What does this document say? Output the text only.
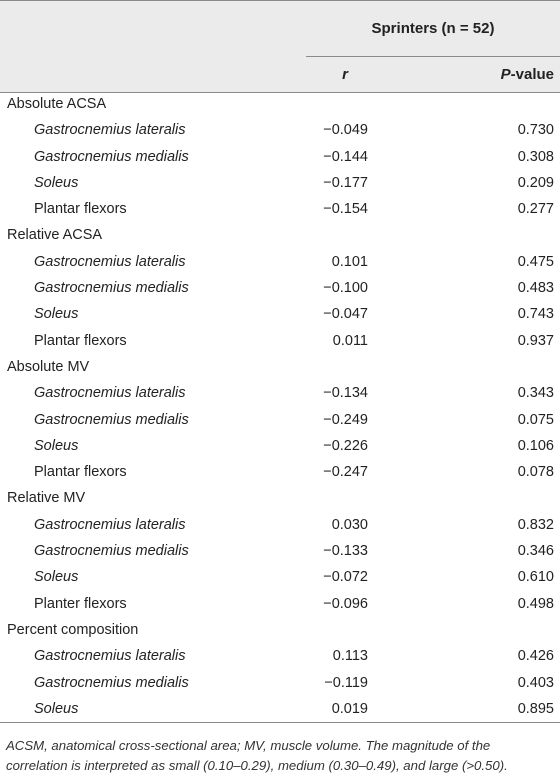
Sprinters (n = 52)
r	P-value
Absolute ACSA
Gastrocnemius lateralis	−0.049	0.730
Gastrocnemius medialis	−0.144	0.308
Soleus	−0.177	0.209
Plantar flexors	−0.154	0.277
Relative ACSA
Gastrocnemius lateralis	0.101	0.475
Gastrocnemius medialis	−0.100	0.483
Soleus	−0.047	0.743
Plantar flexors	0.011	0.937
Absolute MV
Gastrocnemius lateralis	−0.134	0.343
Gastrocnemius medialis	−0.249	0.075
Soleus	−0.226	0.106
Plantar flexors	−0.247	0.078
Relative MV
Gastrocnemius lateralis	0.030	0.832
Gastrocnemius medialis	−0.133	0.346
Soleus	−0.072	0.610
Planter flexors	−0.096	0.498
Percent composition
Gastrocnemius lateralis	0.113	0.426
Gastrocnemius medialis	−0.119	0.403
Soleus	0.019	0.895
ACSM, anatomical cross-sectional area; MV, muscle volume. The magnitude of the correlation is interpreted as small (0.10–0.29), medium (0.30–0.49), and large (>0.50).
